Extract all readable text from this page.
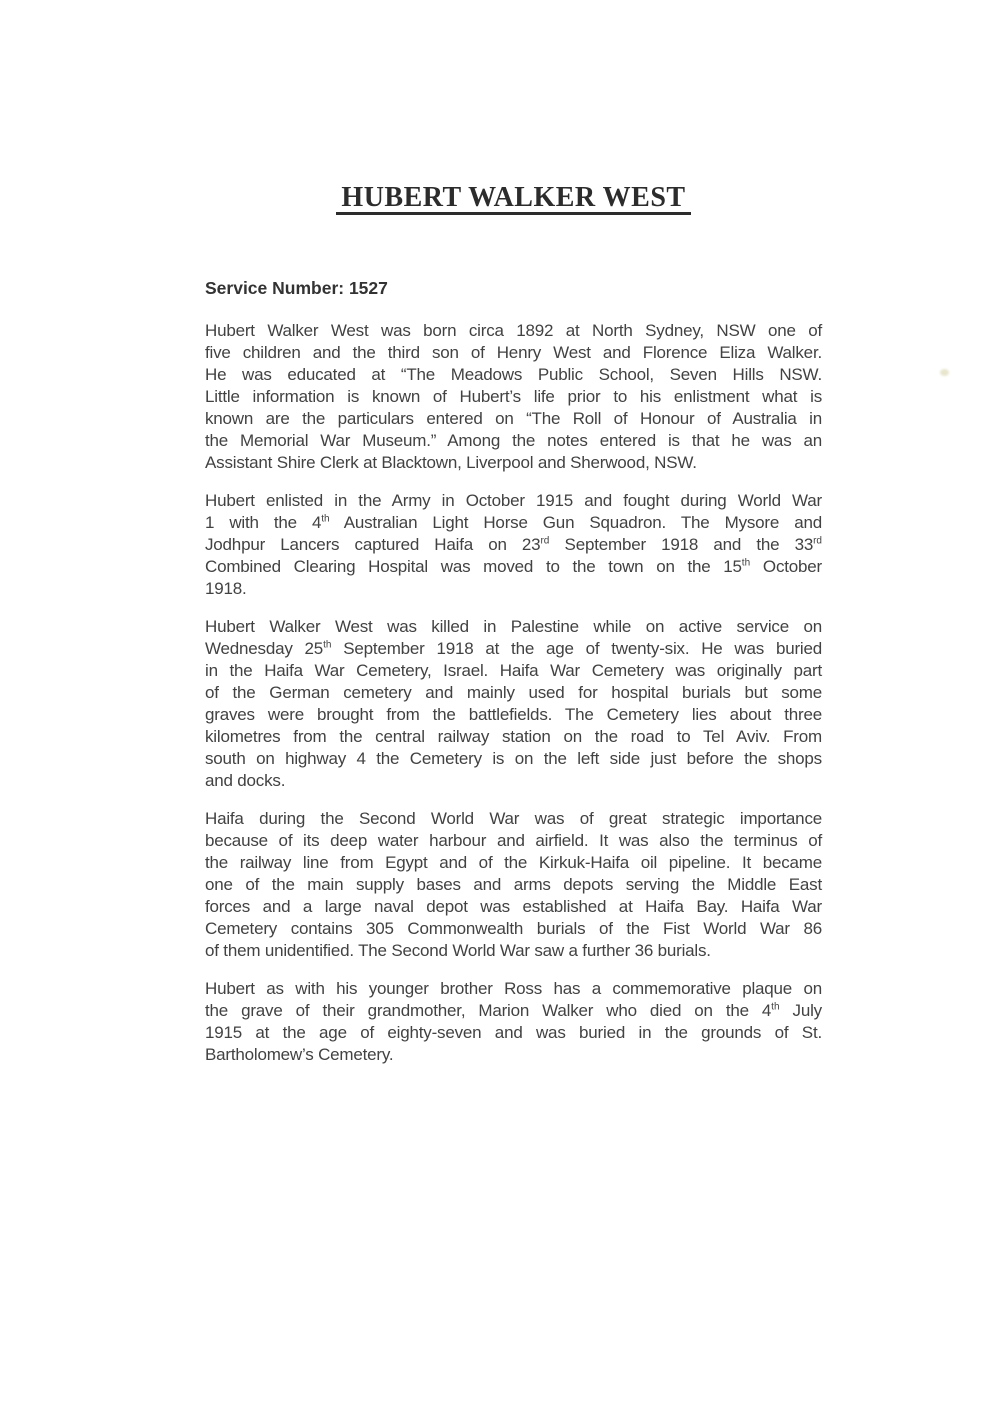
HUBERT WALKER WEST
Service Number: 1527
Hubert Walker West was born circa 1892 at North Sydney, NSW one of
five children and the third son of Henry West and Florence Eliza Walker.
He was educated at “The Meadows Public School, Seven Hills NSW.
Little information is known of Hubert’s life prior to his enlistment what is
known are the particulars entered on “The Roll of Honour of Australia in
the Memorial War Museum.” Among the notes entered is that he was an
Assistant Shire Clerk at Blacktown, Liverpool and Sherwood, NSW.
Hubert enlisted in the Army in October 1915 and fought during World War
1 with the 4th Australian Light Horse Gun Squadron. The Mysore and
Jodhpur Lancers captured Haifa on 23rd September 1918 and the 33rd
Combined Clearing Hospital was moved to the town on the 15th October
1918.
Hubert Walker West was killed in Palestine while on active service on
Wednesday 25th September 1918 at the age of twenty-six. He was buried
in the Haifa War Cemetery, Israel. Haifa War Cemetery was originally part
of the German cemetery and mainly used for hospital burials but some
graves were brought from the battlefields. The Cemetery lies about three
kilometres from the central railway station on the road to Tel Aviv. From
south on highway 4 the Cemetery is on the left side just before the shops
and docks.
Haifa during the Second World War was of great strategic importance
because of its deep water harbour and airfield. It was also the terminus of
the railway line from Egypt and of the Kirkuk-Haifa oil pipeline. It became
one of the main supply bases and arms depots serving the Middle East
forces and a large naval depot was established at Haifa Bay. Haifa War
Cemetery contains 305 Commonwealth burials of the Fist World War 86
of them unidentified. The Second World War saw a further 36 burials.
Hubert as with his younger brother Ross has a commemorative plaque on
the grave of their grandmother, Marion Walker who died on the 4th July
1915 at the age of eighty-seven and was buried in the grounds of St.
Bartholomew’s Cemetery.
